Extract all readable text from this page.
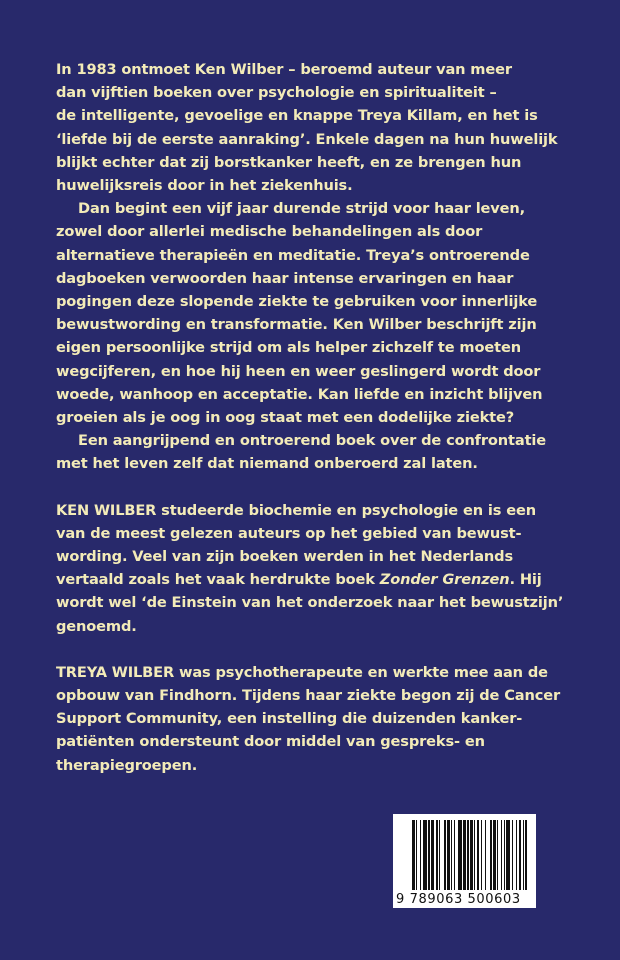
In 1983 ontmoet Ken Wilber – beroemd auteur van meer
dan vijftien boeken over psychologie en spiritualiteit –
de intelligente, gevoelige en knappe Treya Killam, en het is
‘liefde bij de eerste aanraking’. Enkele dagen na hun huwelijk
blijkt echter dat zij borstkanker heeft, en ze brengen hun
huwelijksreis door in het ziekenhuis.
Dan begint een vijf jaar durende strijd voor haar leven,
zowel door allerlei medische behandelingen als door
alternatieve therapieën en meditatie. Treya’s ontroerende
dagboeken verwoorden haar intense ervaringen en haar
pogingen deze slopende ziekte te gebruiken voor innerlijke
bewustwording en transformatie. Ken Wilber beschrijft zijn
eigen persoonlijke strijd om als helper zichzelf te moeten
wegcijferen, en hoe hij heen en weer geslingerd wordt door
woede, wanhoop en acceptatie. Kan liefde en inzicht blijven
groeien als je oog in oog staat met een dodelijke ziekte?
Een aangrijpend en ontroerend boek over de confrontatie
met het leven zelf dat niemand onberoerd zal laten.
KEN WILBER studeerde biochemie en psychologie en is een
van de meest gelezen auteurs op het gebied van bewust-
wording. Veel van zijn boeken werden in het Nederlands
vertaald zoals het vaak herdrukte boek Zonder Grenzen. Hij
wordt wel ‘de Einstein van het onderzoek naar het bewustzijn’
genoemd.
TREYA WILBER was psychotherapeute en werkte mee aan de
opbouw van Findhorn. Tijdens haar ziekte begon zij de Cancer
Support Community, een instelling die duizenden kanker-
patiënten ondersteunt door middel van gespreks- en
therapiegroepen.
9 789063 500603
